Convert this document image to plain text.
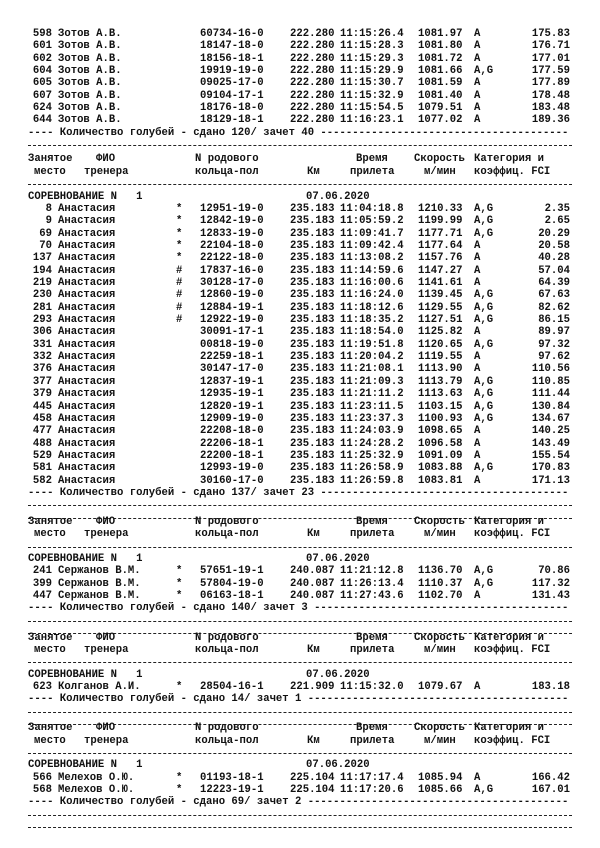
598 Зотов А.В.	60734-16-0	222.280 11:15:26.4	1081.97	A	175.83
601 Зотов А.В.	18147-18-0	222.280 11:15:28.3	1081.80	A	176.71
602 Зотов А.В.	18156-18-1	222.280 11:15:29.3	1081.72	A	177.01
604 Зотов А.В.	19919-19-0	222.280 11:15:29.9	1081.66	A,G	177.59
605 Зотов А.В.	09025-17-0	222.280 11:15:30.7	1081.59	A	177.89
607 Зотов А.В.	09104-17-1	222.280 11:15:32.9	1081.40	A	178.48
624 Зотов А.В.	18176-18-0	222.280 11:15:54.5	1079.51	A	183.48
644 Зотов А.В.	18129-18-1	222.280 11:16:23.1	1077.02	A	189.36
---- Количество голубей - сдано 120/ зачет 40 ---------------------------------------
Занятое	ФИО	N родового	Время	Скорость Категория и
место	тренера	кольца-пол	Км	прилета	м/мин	коэффиц. FCI
СОРЕВНОВАНИЕ N   1	07.06.2020
8 Анастасия	*	12951-19-0	235.183 11:04:18.8	1210.33	A,G	2.35
9 Анастасия	*	12842-19-0	235.183 11:05:59.2	1199.99	A,G	2.65
69 Анастасия	*	12833-19-0	235.183 11:09:41.7	1177.71	A,G	20.29
70 Анастасия	*	22104-18-0	235.183 11:09:42.4	1177.64	A	20.58
137 Анастасия	*	22122-18-0	235.183 11:13:08.2	1157.76	A	40.28
194 Анастасия	#	17837-16-0	235.183 11:14:59.6	1147.27	A	57.04
219 Анастасия	#	30128-17-0	235.183 11:16:00.6	1141.61	A	64.39
230 Анастасия	#	12860-19-0	235.183 11:16:24.0	1139.45	A,G	67.63
281 Анастасия	#	12884-19-1	235.183 11:18:12.6	1129.55	A,G	82.62
293 Анастасия	#	12922-19-0	235.183 11:18:35.2	1127.51	A,G	86.15
306 Анастасия	30091-17-1	235.183 11:18:54.0	1125.82	A	89.97
331 Анастасия	00818-19-0	235.183 11:19:51.8	1120.65	A,G	97.32
332 Анастасия	22259-18-1	235.183 11:20:04.2	1119.55	A	97.62
376 Анастасия	30147-17-0	235.183 11:21:08.1	1113.90	A	110.56
377 Анастасия	12837-19-1	235.183 11:21:09.3	1113.79	A,G	110.85
379 Анастасия	12935-19-1	235.183 11:21:11.2	1113.63	A,G	111.44
445 Анастасия	12820-19-1	235.183 11:23:11.5	1103.15	A,G	130.84
458 Анастасия	12909-19-0	235.183 11:23:37.3	1100.93	A,G	134.67
477 Анастасия	22208-18-0	235.183 11:24:03.9	1098.65	A	140.25
488 Анастасия	22206-18-1	235.183 11:24:28.2	1096.58	A	143.49
529 Анастасия	22200-18-1	235.183 11:25:32.9	1091.09	A	155.54
581 Анастасия	12993-19-0	235.183 11:26:58.9	1083.88	A,G	170.83
582 Анастасия	30160-17-0	235.183 11:26:59.8	1083.81	A	171.13
---- Количество голубей - сдано 137/ зачет 23 ---------------------------------------
Занятое	ФИО	N родового	Время	Скорость Категория и
место	тренера	кольца-пол	Км	прилета	м/мин	коэффиц. FCI
СОРЕВНОВАНИЕ N   1	07.06.2020
241 Сержанов В.М.	*	57651-19-1	240.087 11:21:12.8	1136.70	A,G	70.86
399 Сержанов В.М.	*	57804-19-0	240.087 11:26:13.4	1110.37	A,G	117.32
447 Сержанов В.М.	*	06163-18-1	240.087 11:27:43.6	1102.70	A	131.43
---- Количество голубей - сдано 140/ зачет 3 ----------------------------------------
Занятое	ФИО	N родового	Время	Скорость Категория и
место	тренера	кольца-пол	Км	прилета	м/мин	коэффиц. FCI
СОРЕВНОВАНИЕ N   1	07.06.2020
623 Колганов А.И.	*	28504-16-1	221.909 11:15:32.0	1079.67	A	183.18
---- Количество голубей - сдано 14/ зачет 1 -----------------------------------------
Занятое	ФИО	N родового	Время	Скорость Категория и
место	тренера	кольца-пол	Км	прилета	м/мин	коэффиц. FCI
СОРЕВНОВАНИЕ N   1	07.06.2020
566 Мелехов О.Ю.	*	01193-18-1	225.104 11:17:17.4	1085.94	A	166.42
568 Мелехов О.Ю.	*	12223-19-1	225.104 11:17:20.6	1085.66	A,G	167.01
---- Количество голубей - сдано 69/ зачет 2 -----------------------------------------
